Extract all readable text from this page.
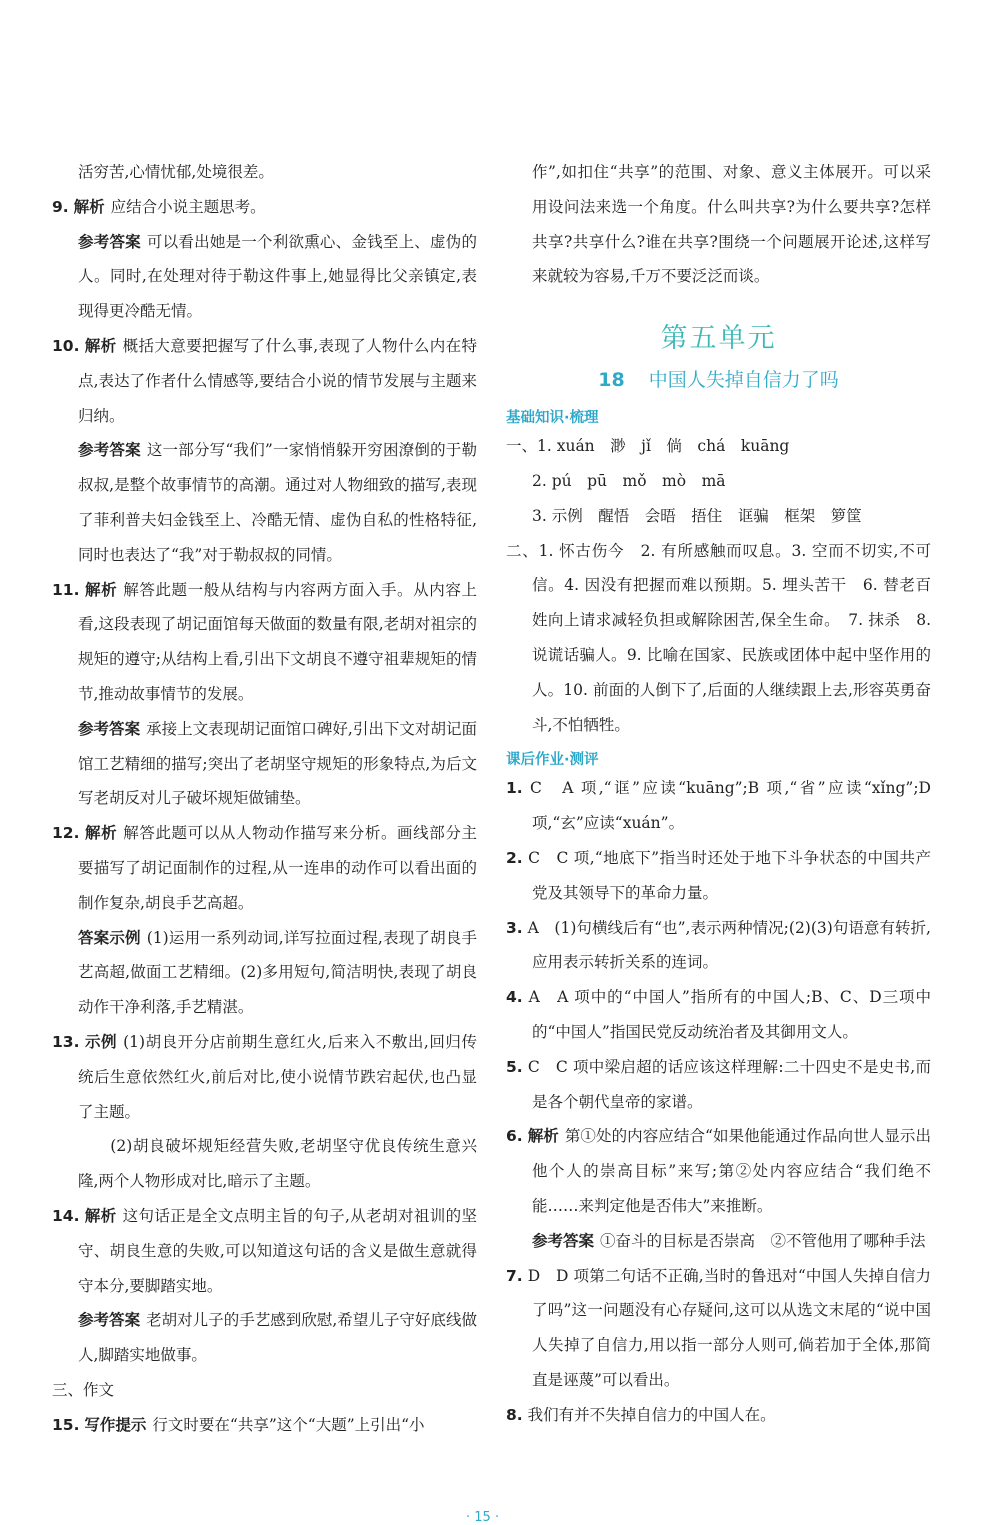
活穷苦,心情忧郁,处境很差。

9. 解析 应结合小说主题思考。

参考答案 可以看出她是一个利欲熏心、金钱至上、虚伪的人。同时,在处理对待于勒这件事上,她显得比父亲镇定,表现得更冷酷无情。

10. 解析 概括大意要把握写了什么事,表现了人物什么内在特点,表达了作者什么情感等,要结合小说的情节发展与主题来归纳。

参考答案 这一部分写“我们”一家悄悄躲开穷困潦倒的于勒叔叔,是整个故事情节的高潮。通过对人物细致的描写,表现了菲利普夫妇金钱至上、冷酷无情、虚伪自私的性格特征,同时也表达了“我”对于勒叔叔的同情。

11. 解析 解答此题一般从结构与内容两方面入手。从内容上看,这段表现了胡记面馆每天做面的数量有限,老胡对祖宗的规矩的遵守;从结构上看,引出下文胡良不遵守祖辈规矩的情节,推动故事情节的发展。

参考答案 承接上文表现胡记面馆口碑好,引出下文对胡记面馆工艺精细的描写;突出了老胡坚守规矩的形象特点,为后文写老胡反对儿子破坏规矩做铺垫。

12. 解析 解答此题可以从人物动作描写来分析。画线部分主要描写了胡记面制作的过程,从一连串的动作可以看出面的制作复杂,胡良手艺高超。

答案示例 (1)运用一系列动词,详写拉面过程,表现了胡良手艺高超,做面工艺精细。(2)多用短句,简洁明快,表现了胡良动作干净利落,手艺精湛。

13. 示例 (1)胡良开分店前期生意红火,后来入不敷出,回归传统后生意依然红火,前后对比,使小说情节跌宕起伏,也凸显了主题。

　　(2)胡良破坏规矩经营失败,老胡坚守优良传统生意兴隆,两个人物形成对比,暗示了主题。

14. 解析 这句话正是全文点明主旨的句子,从老胡对祖训的坚守、胡良生意的失败,可以知道这句话的含义是做生意就得守本分,要脚踏实地。

参考答案 老胡对儿子的手艺感到欣慰,希望儿子守好底线做人,脚踏实地做事。

三、作文

15. 写作提示 行文时要在“共享”这个“大题”上引出“小

作”,如扣住“共享”的范围、对象、意义主体展开。可以采用设问法来选一个角度。什么叫共享?为什么要共享?怎样共享?共享什么?谁在共享?围绕一个问题展开论述,这样写来就较为容易,千万不要泛泛而谈。

第五单元
18 中国人失掉自信力了吗
基础知识·梳理

一、1. xuán　渺　jǐ　倘　chá　kuāng

2. pú　pū　mǒ　mò　mā

3. 示例　醒悟　会晤　捂住　诓骗　框架　箩筐

二、1. 怀古伤今　2. 有所感触而叹息。3. 空而不切实,不可信。4. 因没有把握而难以预期。5. 埋头苦干　6. 替老百姓向上请求减轻负担或解除困苦,保全生命。　7. 抹杀　8. 说谎话骗人。9. 比喻在国家、民族或团体中起中坚作用的人。10. 前面的人倒下了,后面的人继续跟上去,形容英勇奋斗,不怕牺牲。

课后作业·测评

1. C　A 项,“诓”应读“kuāng”;B 项,“省”应读“xǐng”;D 项,“玄”应读“xuán”。

2. C　C 项,“地底下”指当时还处于地下斗争状态的中国共产党及其领导下的革命力量。

3. A　(1)句横线后有“也”,表示两种情况;(2)(3)句语意有转折,应用表示转折关系的连词。

4. A　A 项中的“中国人”指所有的中国人;B、C、D三项中的“中国人”指国民党反动统治者及其御用文人。

5. C　C 项中梁启超的话应该这样理解:二十四史不是史书,而是各个朝代皇帝的家谱。

6. 解析 第①处的内容应结合“如果他能通过作品向世人显示出他个人的崇高目标”来写;第②处内容应结合“我们绝不能……来判定他是否伟大”来推断。

参考答案 ①奋斗的目标是否崇高　②不管他用了哪种手法

7. D　D 项第二句话不正确,当时的鲁迅对“中国人失掉自信力了吗”这一问题没有心存疑问,这可以从选文末尾的“说中国人失掉了自信力,用以指一部分人则可,倘若加于全体,那简直是诬蔑”可以看出。

8. 我们有并不失掉自信力的中国人在。

· 15 ·
